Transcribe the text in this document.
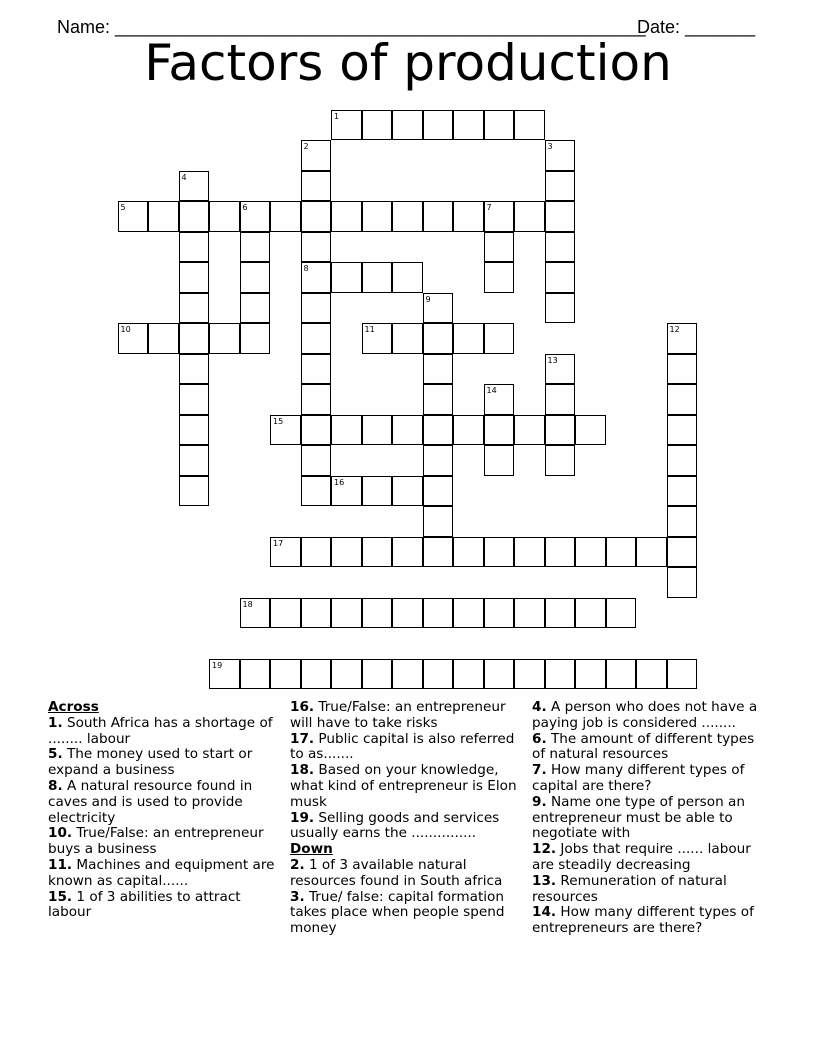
Name: _____________________________________________________

Date: _______

Factors of production
1
2
8
3
4
5	6	7
9
10	11	12
13
14
15
16
17
18
19
Across
1. South Africa has a shortage of ........ labour
5. The money used to start or expand a business
8. A natural resource found in caves and is used to provide electricity
10. True/False: an entrepreneur buys a business
11. Machines and equipment are known as capital......
15. 1 of 3 abilities to attract labour
16. True/False: an entrepreneur will have to take risks
17. Public capital is also referred to as.......
18. Based on your knowledge, what kind of entrepreneur is Elon musk
19. Selling goods and services usually earns the ...............
Down
2. 1 of 3 available natural resources found in South africa
3. True/ false: capital formation takes place when people spend money
4. A person who does not have a paying job is considered ........
6. The amount of different types of natural resources
7. How many different types of capital are there?
9. Name one type of person an entrepreneur must be able to negotiate with
12. Jobs that require ...... labour are steadily decreasing
13. Remuneration of natural resources
14. How many different types of entrepreneurs are there?
